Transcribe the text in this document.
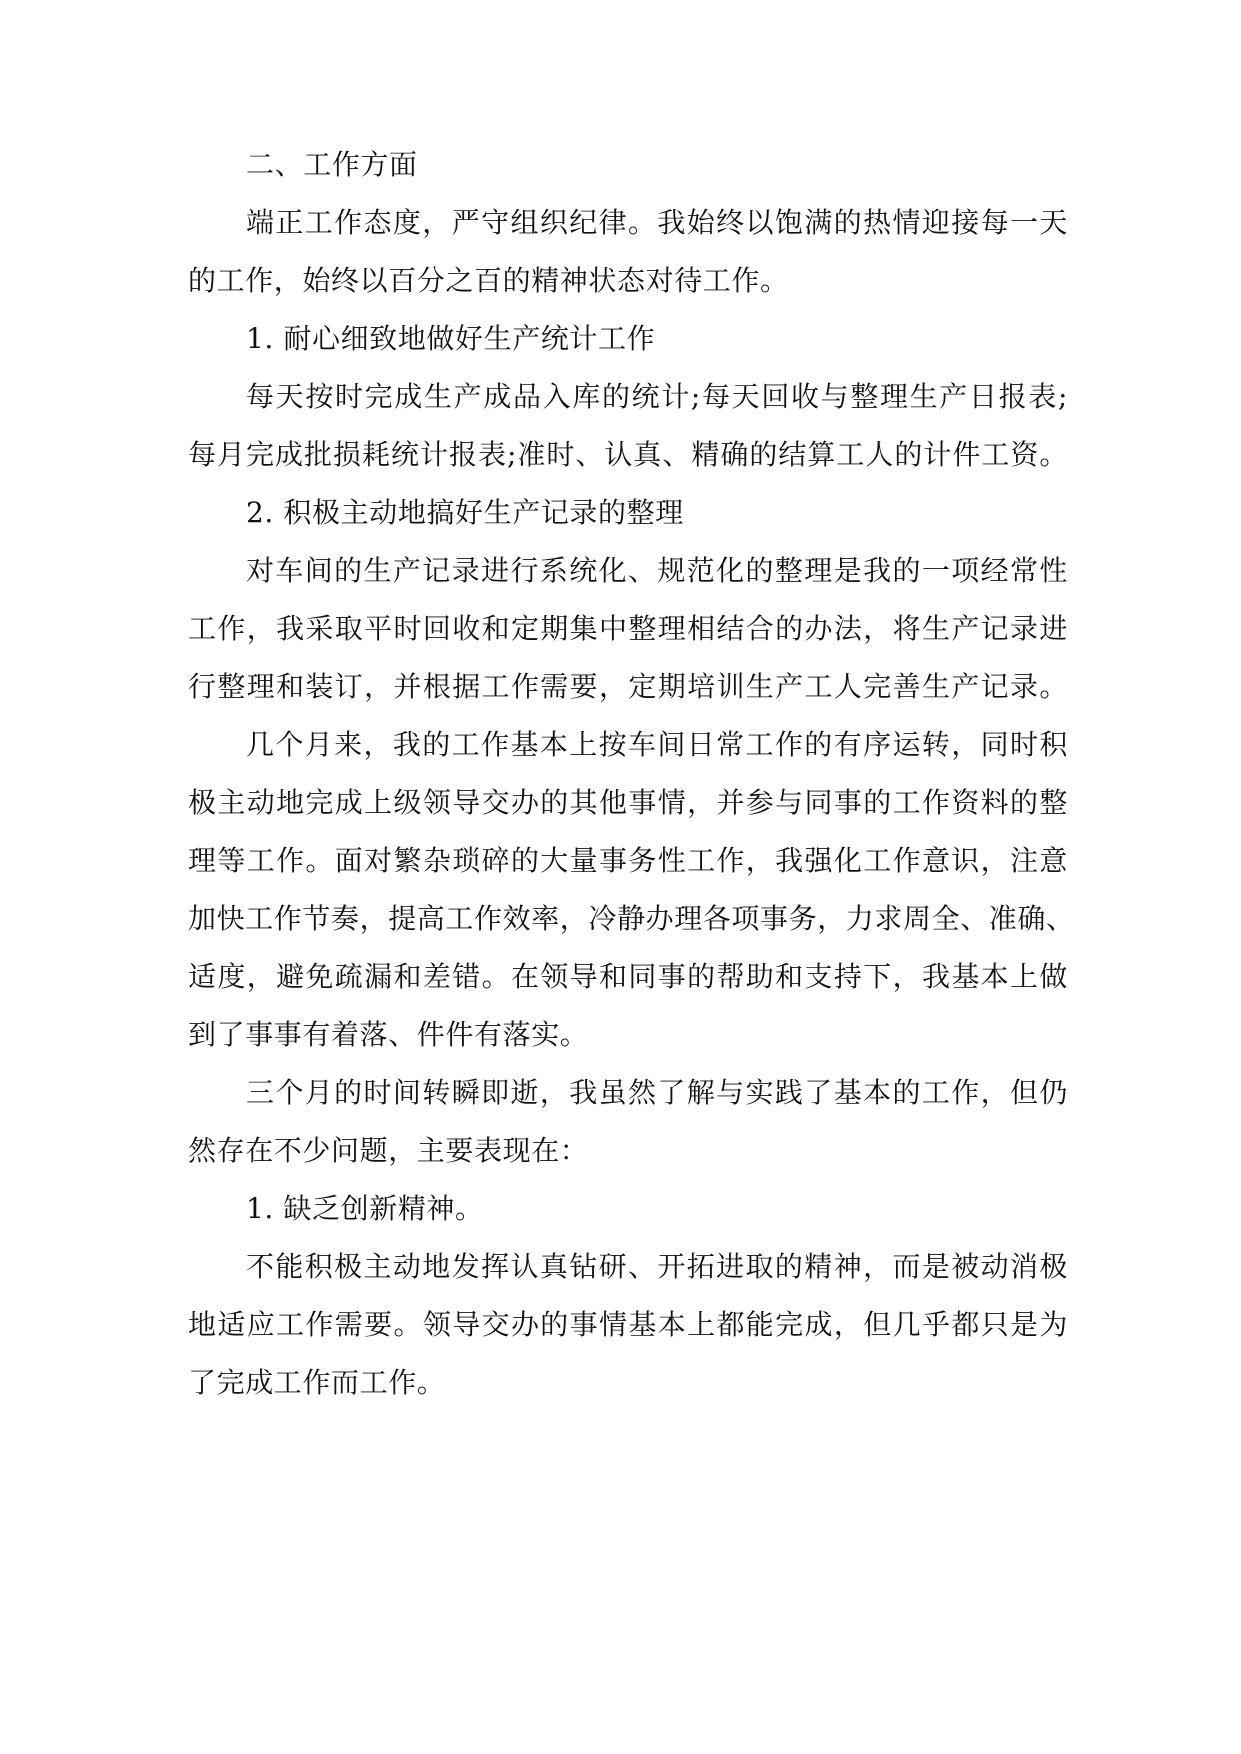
二、工作方面
端正工作态度，严守组织纪律。我始终以饱满的热情迎接每一天
的工作，始终以百分之百的精神状态对待工作。
1. 耐心细致地做好生产统计工作
每天按时完成生产成品入库的统计;每天回收与整理生产日报表;
每月完成批损耗统计报表;准时、认真、精确的结算工人的计件工资。
2. 积极主动地搞好生产记录的整理
对车间的生产记录进行系统化、规范化的整理是我的一项经常性
工作，我采取平时回收和定期集中整理相结合的办法，将生产记录进
行整理和装订，并根据工作需要，定期培训生产工人完善生产记录。
几个月来，我的工作基本上按车间日常工作的有序运转，同时积
极主动地完成上级领导交办的其他事情，并参与同事的工作资料的整
理等工作。面对繁杂琐碎的大量事务性工作，我强化工作意识，注意
加快工作节奏，提高工作效率，冷静办理各项事务，力求周全、准确、
适度，避免疏漏和差错。在领导和同事的帮助和支持下，我基本上做
到了事事有着落、件件有落实。
三个月的时间转瞬即逝，我虽然了解与实践了基本的工作，但仍
然存在不少问题，主要表现在：
1. 缺乏创新精神。
不能积极主动地发挥认真钻研、开拓进取的精神，而是被动消极
地适应工作需要。领导交办的事情基本上都能完成，但几乎都只是为
了完成工作而工作。
